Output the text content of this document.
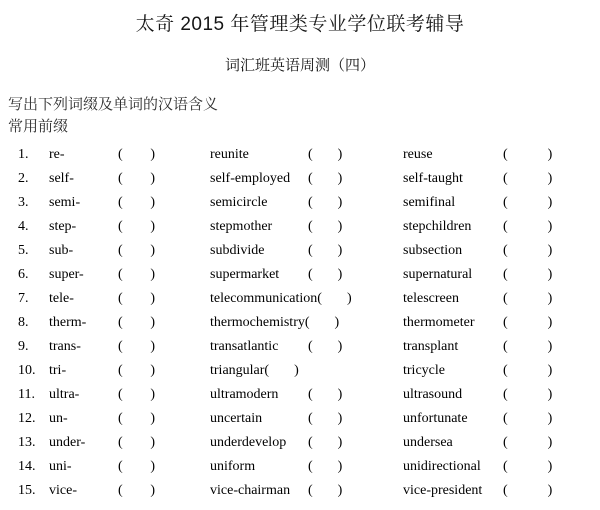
太奇 2015 年管理类专业学位联考辅导
词汇班英语周测（四）

写出下列词缀及单词的汉语含义

常用前缀

1.	re-	( )	reunite	( )	reuse	(	)
2.	self-	( )	self-employed	( )	self-taught	(	)
3.	semi-	( )	semicircle	( )	semifinal	(	)
4.	step-	( )	stepmother	( )	stepchildren	(	)
5.	sub-	( )	subdivide	( )	subsection	(	)
6.	super-	( )	supermarket	( )	supernatural	(	)
7.	tele-	( )	telecommunication ( )	telescreen	(	)
8.	therm-	( )	thermochemistry ( )	thermometer	(	)
9.	trans-	( )	transatlantic	( )	transplant	(	)
10. tri-	( )	triangular ( )	tricycle	(	)
11.	ultra-	( )	ultramodern	( )	ultrasound	(	)
12. un-	( )	uncertain	( )	unfortunate	(	)
13. under-	( )	underdevelop	( )	undersea	(	)
14. uni-	( )	uniform	( )	unidirectional	(	)
15. vice-	( )	vice-chairman	( )	vice-president	(	)
